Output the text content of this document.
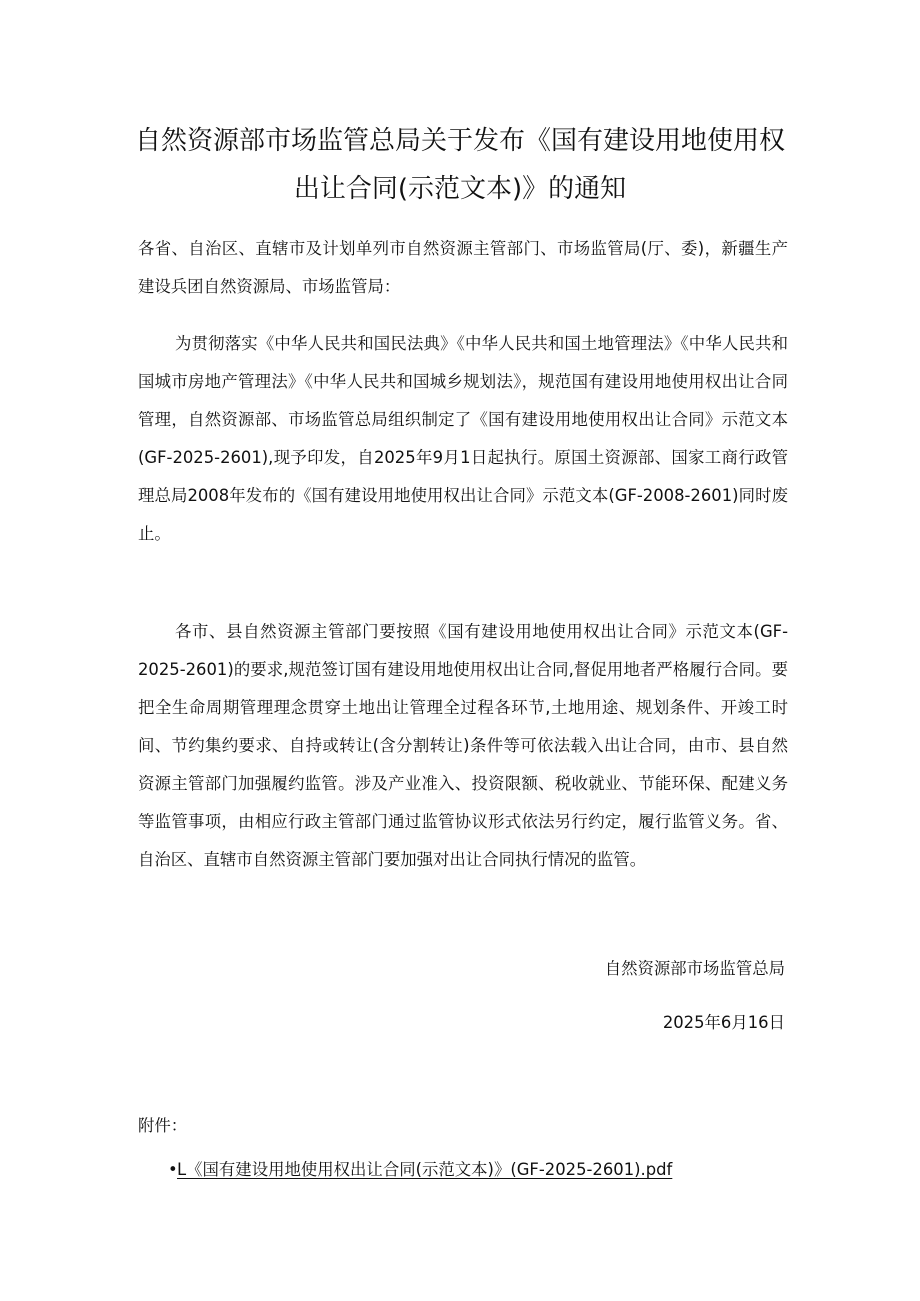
自然资源部市场监管总局关于发布《国有建设用地使用权
出让合同(示范文本)》的通知

各省、自治区、直辖市及计划单列市自然资源主管部门、市场监管局(厅、委)，新疆生产建设兵团自然资源局、市场监管局：

为贯彻落实《中华人民共和国民法典》《中华人民共和国土地管理法》《中华人民共和国城市房地产管理法》《中华人民共和国城乡规划法》，规范国有建设用地使用权出让合同管理，自然资源部、市场监管总局组织制定了《国有建设用地使用权出让合同》示范文本(GF-2025-2601),现予印发，自2025年9月1日起执行。原国土资源部、国家工商行政管理总局2008年发布的《国有建设用地使用权出让合同》示范文本(GF-2008-2601)同时废止。

各市、县自然资源主管部门要按照《国有建设用地使用权出让合同》示范文本(GF-2025-2601)的要求,规范签订国有建设用地使用权出让合同,督促用地者严格履行合同。要把全生命周期管理理念贯穿土地出让管理全过程各环节,土地用途、规划条件、开竣工时间、节约集约要求、自持或转让(含分割转让)条件等可依法载入出让合同，由市、县自然资源主管部门加强履约监管。涉及产业准入、投资限额、税收就业、节能环保、配建义务等监管事项，由相应行政主管部门通过监管协议形式依法另行约定，履行监管义务。省、自治区、直辖市自然资源主管部门要加强对出让合同执行情况的监管。

自然资源部市场监管总局
2025年6月16日
附件：
•L《国有建设用地使用权出让合同(示范文本)》(GF-2025-2601).pdf
